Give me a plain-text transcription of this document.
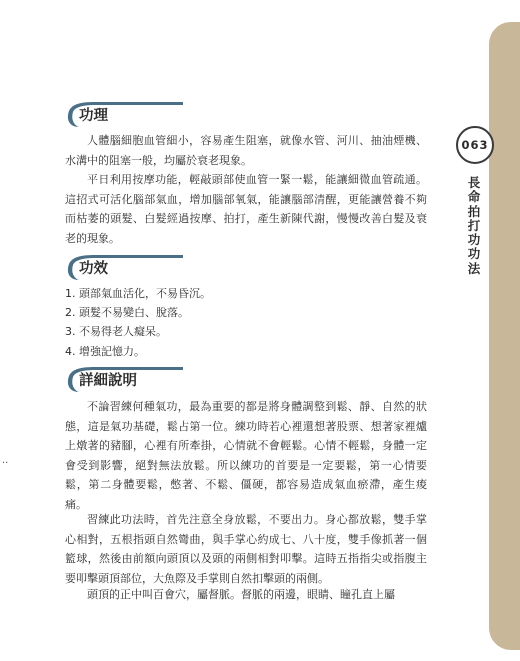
063
長命拍打功功法
..
功理

人體腦細胞血管細小，容易產生阻塞，就像水管、河川、抽油煙機、水溝中的阻塞一般，均屬於衰老現象。

平日利用按摩功能，輕敲頭部使血管一緊一鬆，能讓細微血管疏通。這招式可活化腦部氣血，增加腦部氧氣，能讓腦部清醒，更能讓營養不夠而枯萎的頭髮、白髮經過按摩、拍打，產生新陳代謝，慢慢改善白髮及衰老的現象。

功效
1. 頭部氣血活化，不易昏沉。
2. 頭髮不易變白、脫落。
3. 不易得老人癡呆。
4. 增強記憶力。
詳細說明

不論習練何種氣功，最為重要的都是將身體調整到鬆、靜、自然的狀態，這是氣功基礎，鬆占第一位。練功時若心裡還想著股票、想著家裡爐上燉著的豬腳，心裡有所牽掛，心情就不會輕鬆。心情不輕鬆，身體一定會受到影響，絕對無法放鬆。所以練功的首要是一定要鬆，第一心情要鬆，第二身體要鬆，憋著、不鬆、僵硬，都容易造成氣血瘀滯，產生痠痛。

習練此功法時，首先注意全身放鬆，不要出力。身心都放鬆，雙手掌心相對，五根指頭自然彎曲，與手掌心約成七、八十度，雙手像抓著一個籃球，然後由前額向頭頂以及頭的兩側相對叩擊。這時五指指尖或指腹主要叩擊頭頂部位，大魚際及手掌則自然扣擊頭的兩側。

頭頂的正中叫百會穴，屬督脈。督脈的兩邊，眼睛、瞳孔直上屬
